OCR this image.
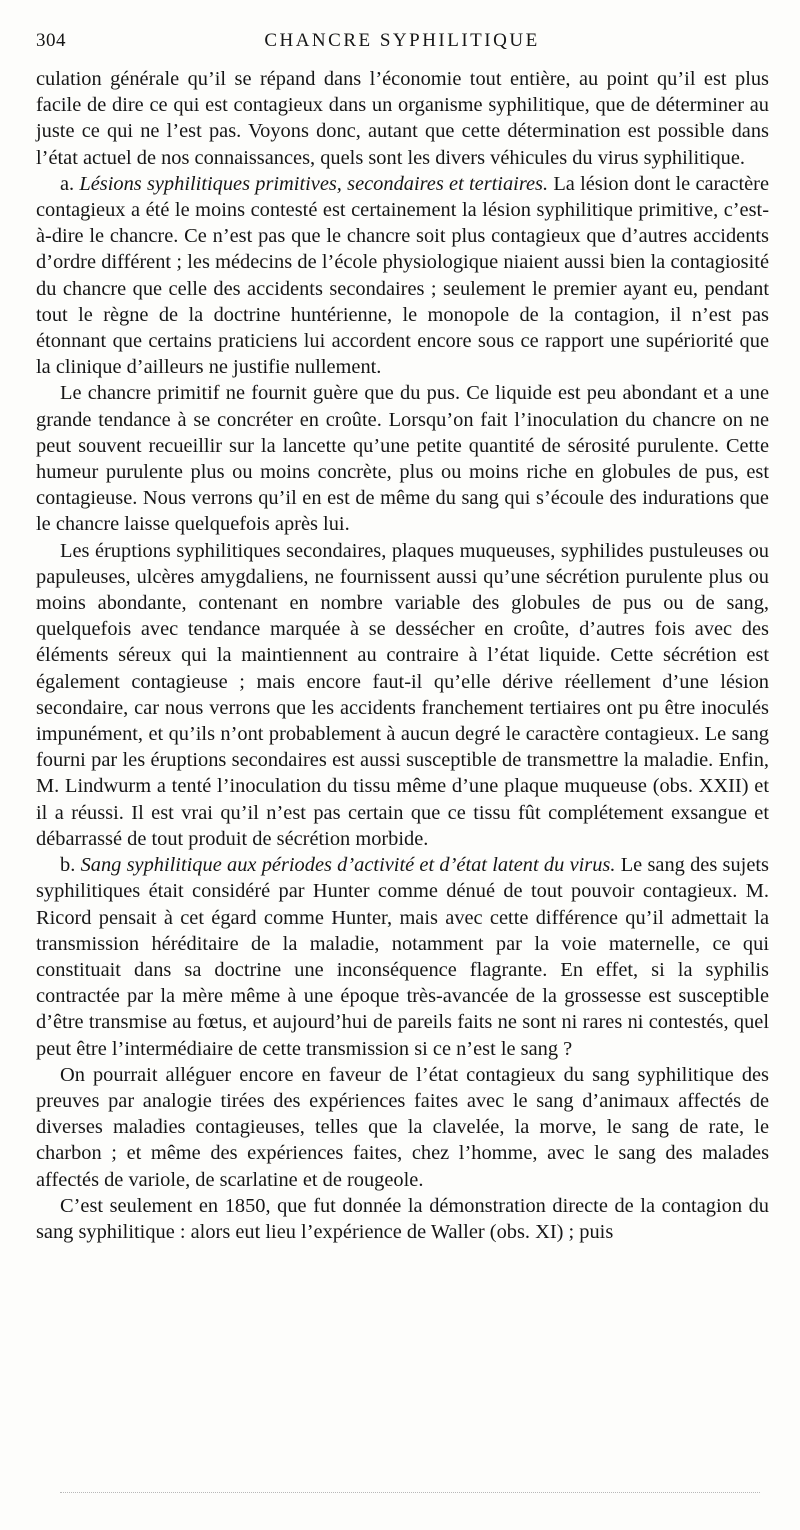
304	CHANCRE SYPHILITIQUE

culation générale qu’il se répand dans l’économie tout entière, au point qu’il est plus facile de dire ce qui est contagieux dans un organisme syphilitique, que de déterminer au juste ce qui ne l’est pas. Voyons donc, autant que cette détermination est possible dans l’état actuel de nos connaissances, quels sont les divers véhicules du virus syphilitique.

a. Lésions syphilitiques primitives, secondaires et tertiaires. La lésion dont le caractère contagieux a été le moins contesté est certainement la lésion syphilitique primitive, c’est-à-dire le chancre. Ce n’est pas que le chancre soit plus contagieux que d’autres accidents d’ordre différent ; les médecins de l’école physiologique niaient aussi bien la contagiosité du chancre que celle des accidents secondaires ; seulement le premier ayant eu, pendant tout le règne de la doctrine huntérienne, le monopole de la contagion, il n’est pas étonnant que certains praticiens lui accordent encore sous ce rapport une supériorité que la clinique d’ailleurs ne justifie nullement.

Le chancre primitif ne fournit guère que du pus. Ce liquide est peu abondant et a une grande tendance à se concréter en croûte. Lorsqu’on fait l’inoculation du chancre on ne peut souvent recueillir sur la lancette qu’une petite quantité de sérosité purulente. Cette humeur purulente plus ou moins concrète, plus ou moins riche en globules de pus, est contagieuse. Nous verrons qu’il en est de même du sang qui s’écoule des indurations que le chancre laisse quelquefois après lui.

Les éruptions syphilitiques secondaires, plaques muqueuses, syphilides pustuleuses ou papuleuses, ulcères amygdaliens, ne fournissent aussi qu’une sécrétion purulente plus ou moins abondante, contenant en nombre variable des globules de pus ou de sang, quelquefois avec tendance marquée à se dessécher en croûte, d’autres fois avec des éléments séreux qui la maintiennent au contraire à l’état liquide. Cette sécrétion est également contagieuse ; mais encore faut-il qu’elle dérive réellement d’une lésion secondaire, car nous verrons que les accidents franchement tertiaires ont pu être inoculés impunément, et qu’ils n’ont probablement à aucun degré le caractère contagieux. Le sang fourni par les éruptions secondaires est aussi susceptible de transmettre la maladie. Enfin, M. Lindwurm a tenté l’inoculation du tissu même d’une plaque muqueuse (obs. XXII) et il a réussi. Il est vrai qu’il n’est pas certain que ce tissu fût complétement exsangue et débarrassé de tout produit de sécrétion morbide.

b. Sang syphilitique aux périodes d’activité et d’état latent du virus. Le sang des sujets syphilitiques était considéré par Hunter comme dénué de tout pouvoir contagieux. M. Ricord pensait à cet égard comme Hunter, mais avec cette différence qu’il admettait la transmission héréditaire de la maladie, notamment par la voie maternelle, ce qui constituait dans sa doctrine une inconséquence flagrante. En effet, si la syphilis contractée par la mère même à une époque très-avancée de la grossesse est susceptible d’être transmise au fœtus, et aujourd’hui de pareils faits ne sont ni rares ni contestés, quel peut être l’intermédiaire de cette transmission si ce n’est le sang ?

On pourrait alléguer encore en faveur de l’état contagieux du sang syphilitique des preuves par analogie tirées des expériences faites avec le sang d’animaux affectés de diverses maladies contagieuses, telles que la clavelée, la morve, le sang de rate, le charbon ; et même des expériences faites, chez l’homme, avec le sang des malades affectés de variole, de scarlatine et de rougeole.

C’est seulement en 1850, que fut donnée la démonstration directe de la contagion du sang syphilitique : alors eut lieu l’expérience de Waller (obs. XI) ; puis
